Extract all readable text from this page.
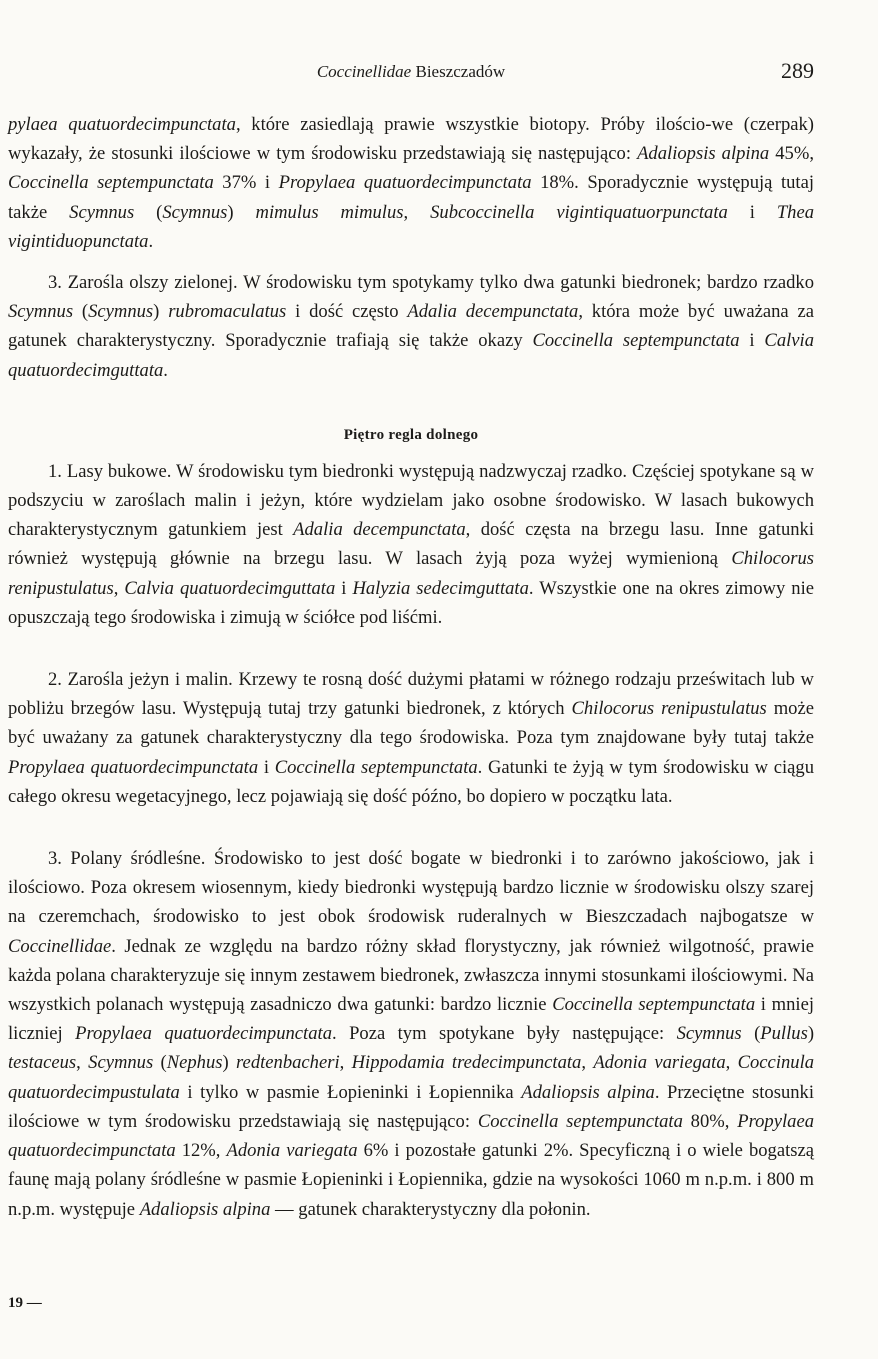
Coccinellidae Bieszczadów	289

pylaea quatuordecimpunctata, które zasiedlają prawie wszystkie biotopy. Próby ilościo-we (czerpak) wykazały, że stosunki ilościowe w tym środowisku przedstawiają się następująco: Adaliopsis alpina 45%, Coccinella septempunctata 37% i Propylaea quatuordecimpunctata 18%. Sporadycznie występują tutaj także Scymnus (Scymnus) mimulus mimulus, Subcoccinella vigintiquatuorpunctata i Thea vigintiduopunctata.

3. Zarośla olszy zielonej. W środowisku tym spotykamy tylko dwa gatunki biedronek; bardzo rzadko Scymnus (Scymnus) rubromaculatus i dość często Adalia decempunctata, która może być uważana za gatunek charakterystyczny. Sporadycznie trafiają się także okazy Coccinella septempunctata i Calvia quatuordecimguttata.

Piętro regla dolnego

1. Lasy bukowe. W środowisku tym biedronki występują nadzwyczaj rzadko. Częściej spotykane są w podszyciu w zaroślach malin i jeżyn, które wydzielam jako osobne środowisko. W lasach bukowych charakterystycznym gatunkiem jest Adalia decempunctata, dość częsta na brzegu lasu. Inne gatunki również występują głównie na brzegu lasu. W lasach żyją poza wyżej wymienioną Chilocorus renipustulatus, Calvia quatuordecimguttata i Halyzia sedecimguttata. Wszystkie one na okres zimowy nie opuszczają tego środowiska i zimują w ściółce pod liśćmi.

2. Zarośla jeżyn i malin. Krzewy te rosną dość dużymi płatami w różnego rodzaju prześwitach lub w pobliżu brzegów lasu. Występują tutaj trzy gatunki biedronek, z których Chilocorus renipustulatus może być uważany za gatunek charakterystyczny dla tego środowiska. Poza tym znajdowane były tutaj także Propylaea quatuordecimpunctata i Coccinella septempunctata. Gatunki te żyją w tym środowisku w ciągu całego okresu wegetacyjnego, lecz pojawiają się dość późno, bo dopiero w początku lata.

3. Polany śródleśne. Środowisko to jest dość bogate w biedronki i to zarówno jakościowo, jak i ilościowo. Poza okresem wiosennym, kiedy biedronki występują bardzo licznie w środowisku olszy szarej na czeremchach, środowisko to jest obok środowisk ruderalnych w Bieszczadach najbogatsze w Coccinellidae. Jednak ze względu na bardzo różny skład florystyczny, jak również wilgotność, prawie każda polana charakteryzuje się innym zestawem biedronek, zwłaszcza innymi stosunkami ilościowymi. Na wszystkich polanach występują zasadniczo dwa gatunki: bardzo licznie Coccinella septempunctata i mniej liczniej Propylaea quatuordecimpunctata. Poza tym spotykane były następujące: Scymnus (Pullus) testaceus, Scymnus (Nephus) redtenbacheri, Hippodamia tredecimpunctata, Adonia variegata, Coccinula quatuordecimpustulata i tylko w pasmie Łopieninki i Łopiennika Adaliopsis alpina. Przeciętne stosunki ilościowe w tym środowisku przedstawiają się następująco: Coccinella septempunctata 80%, Propylaea quatuordecimpunctata 12%, Adonia variegata 6% i pozostałe gatunki 2%. Specyficzną i o wiele bogatszą faunę mają polany śródleśne w pasmie Łopieninki i Łopiennika, gdzie na wysokości 1060 m n.p.m. i 800 m n.p.m. występuje Adaliopsis alpina — gatunek charakterystyczny dla połonin.

19 —
